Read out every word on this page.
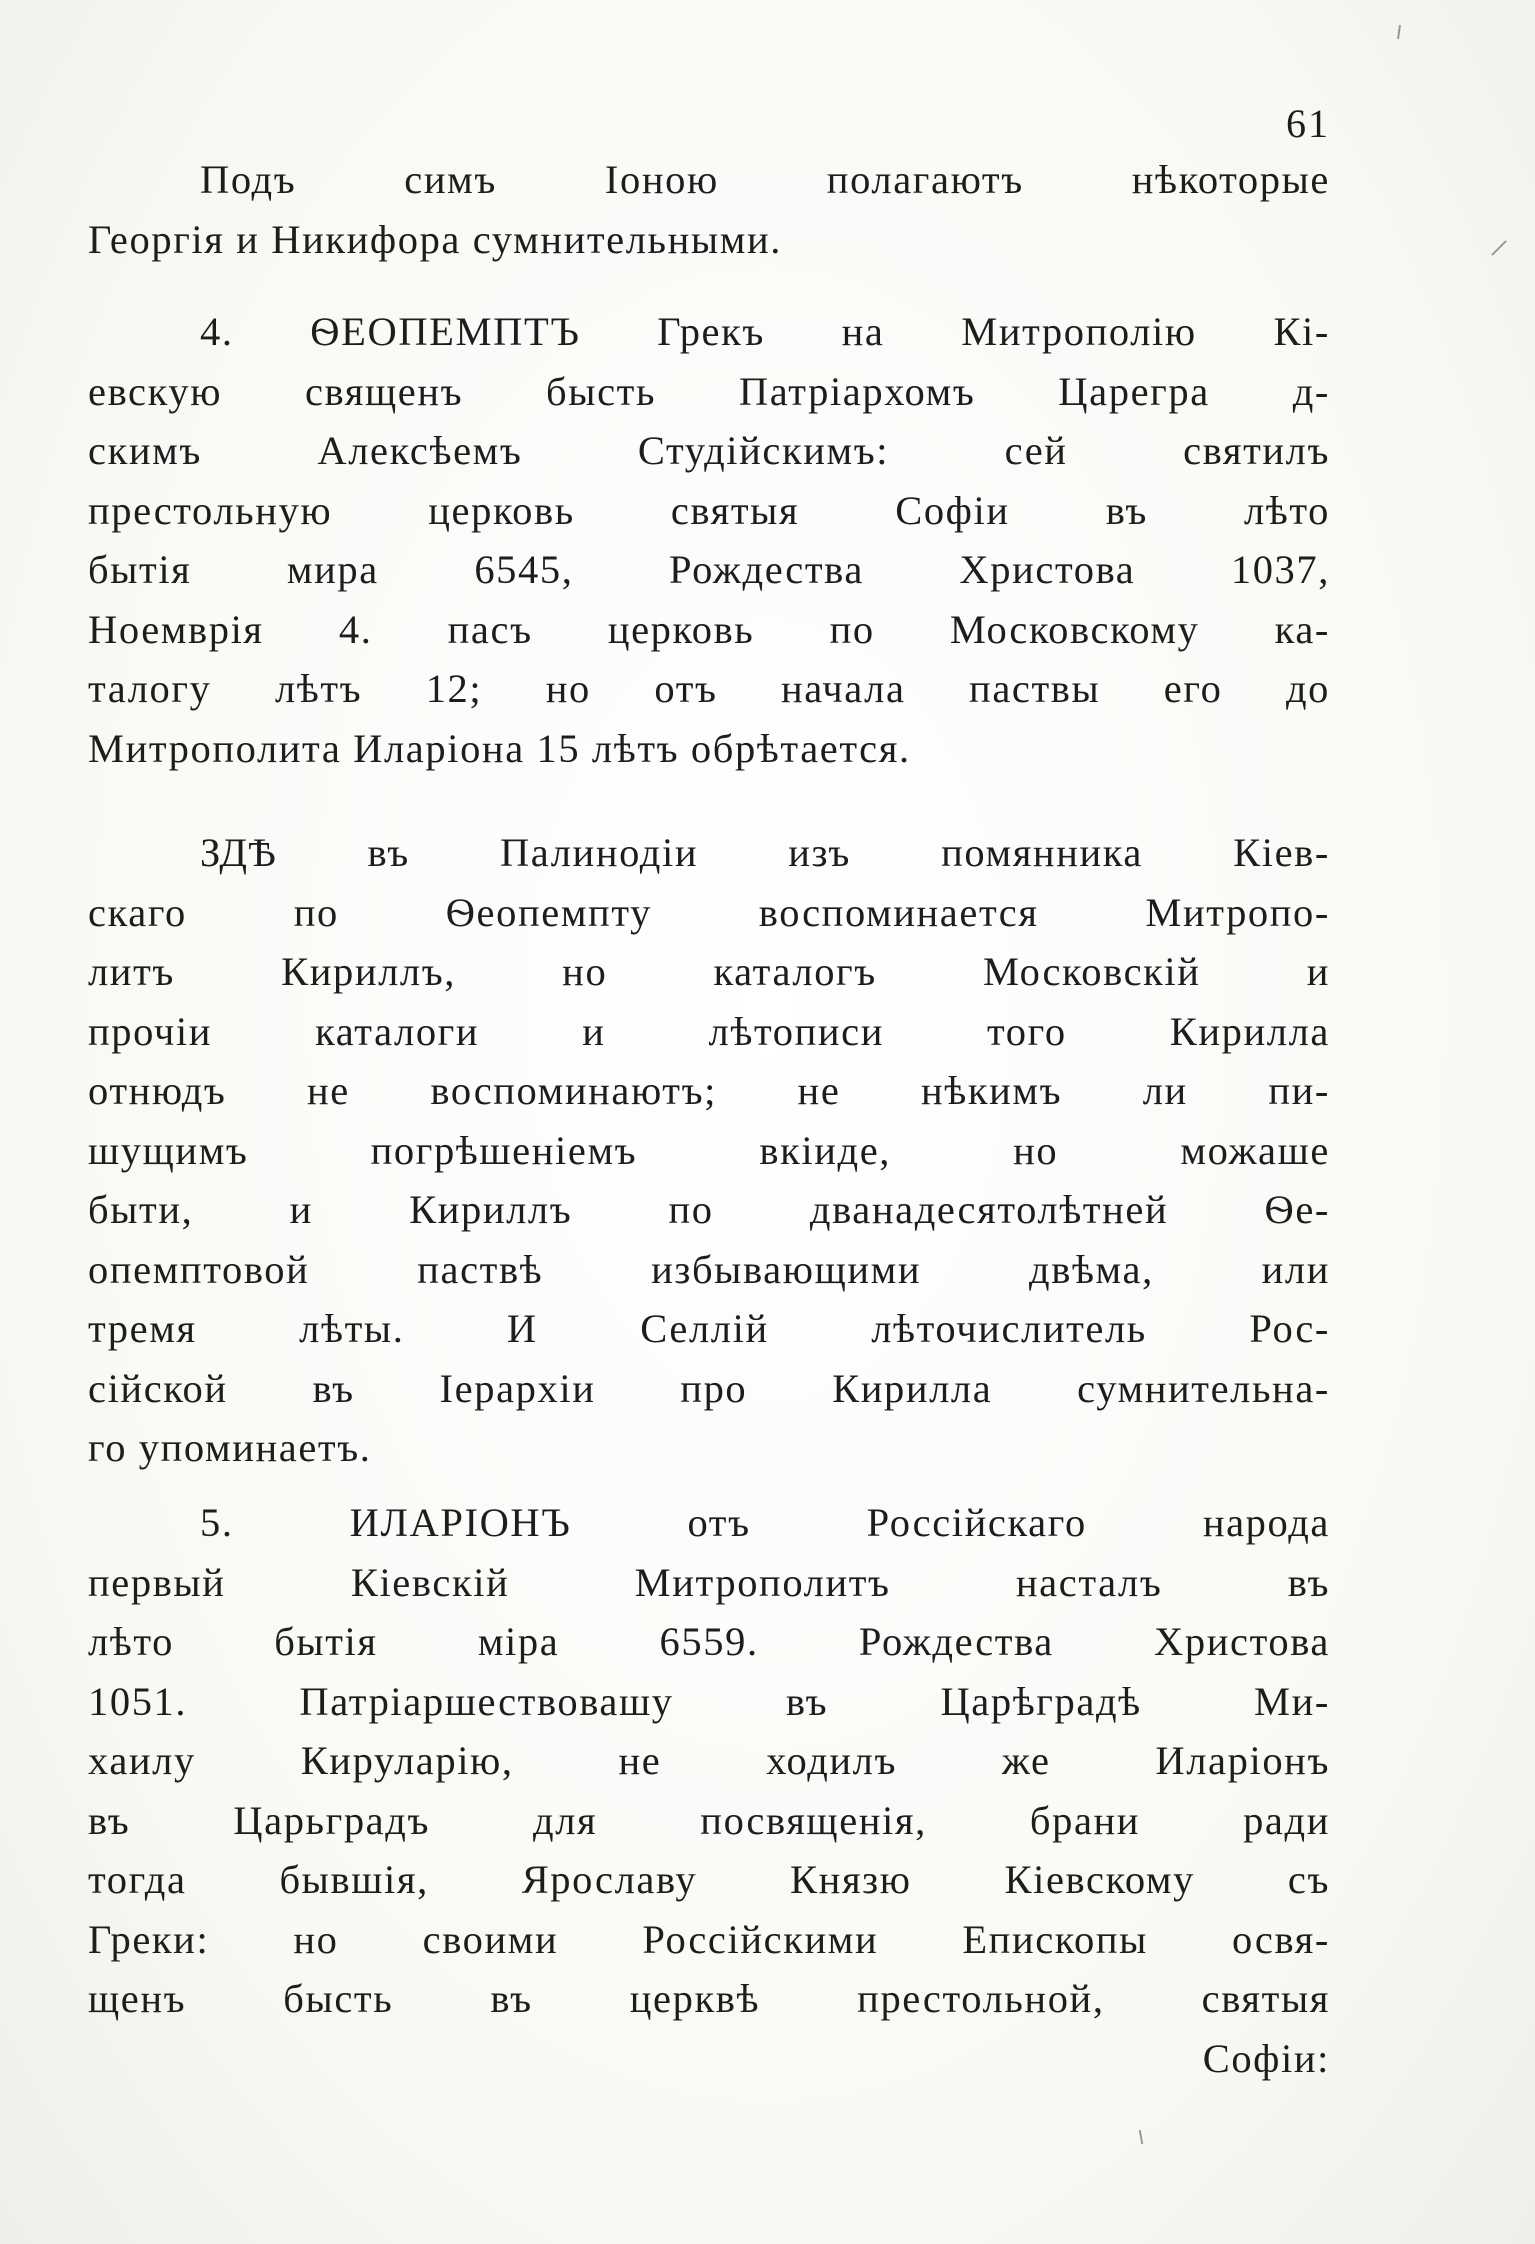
61
Подъ симъ Іоною полагаютъ нѣкоторые
Георгія и Никифора сумнительными.
4. ѲЕОПЕМПТЪ Грекъ на Митрополію Кі-
евскую священъ бысть Патріархомъ Царегра д-
скимъ Алексѣемъ Студійскимъ: сей святилъ
престольную церковь святыя Софіи въ лѣто
бытія мира 6545, Рождества Христова 1037,
Ноемврія 4. пасъ церковь по Московскому ка-
талогу лѣтъ 12; но отъ начала паствы его до
Митрополита Иларіона 15 лѣтъ обрѣтается.
ЗДѢ въ Палинодіи изъ помянника Кіев-
скаго по Ѳеопемпту воспоминается Митропо-
литъ Кириллъ, но каталогъ Московскій и
прочіи каталоги и лѣтописи того Кирилла
отнюдъ не воспоминаютъ; не нѣкимъ ли пи-
шущимъ погрѣшеніемъ вкіиде, но можаше
быти, и Кириллъ по дванадесятолѣтней Ѳе-
опемптовой паствѣ избывающими двѣма, или
тремя лѣты. И Селлій лѣточислитель Рос-
сійской въ Іерархіи про Кирилла сумнительна-
го упоминаетъ.
5. ИЛАРІОНЪ отъ Россійскаго народа
первый Кіевскій Митрополитъ насталъ въ
лѣто бытія міра 6559. Рождества Христова
1051. Патріаршествовашу въ Царѣградѣ Ми-
хаилу Кируларію, не ходилъ же Иларіонъ
въ Царьградъ для посвященія, брани ради
тогда бывшія, Ярославу Князю Кіевскому съ
Греки: но своими Россійскими Епископы освя-
щенъ бысть въ церквѣ престольной, святыя
Софіи:
